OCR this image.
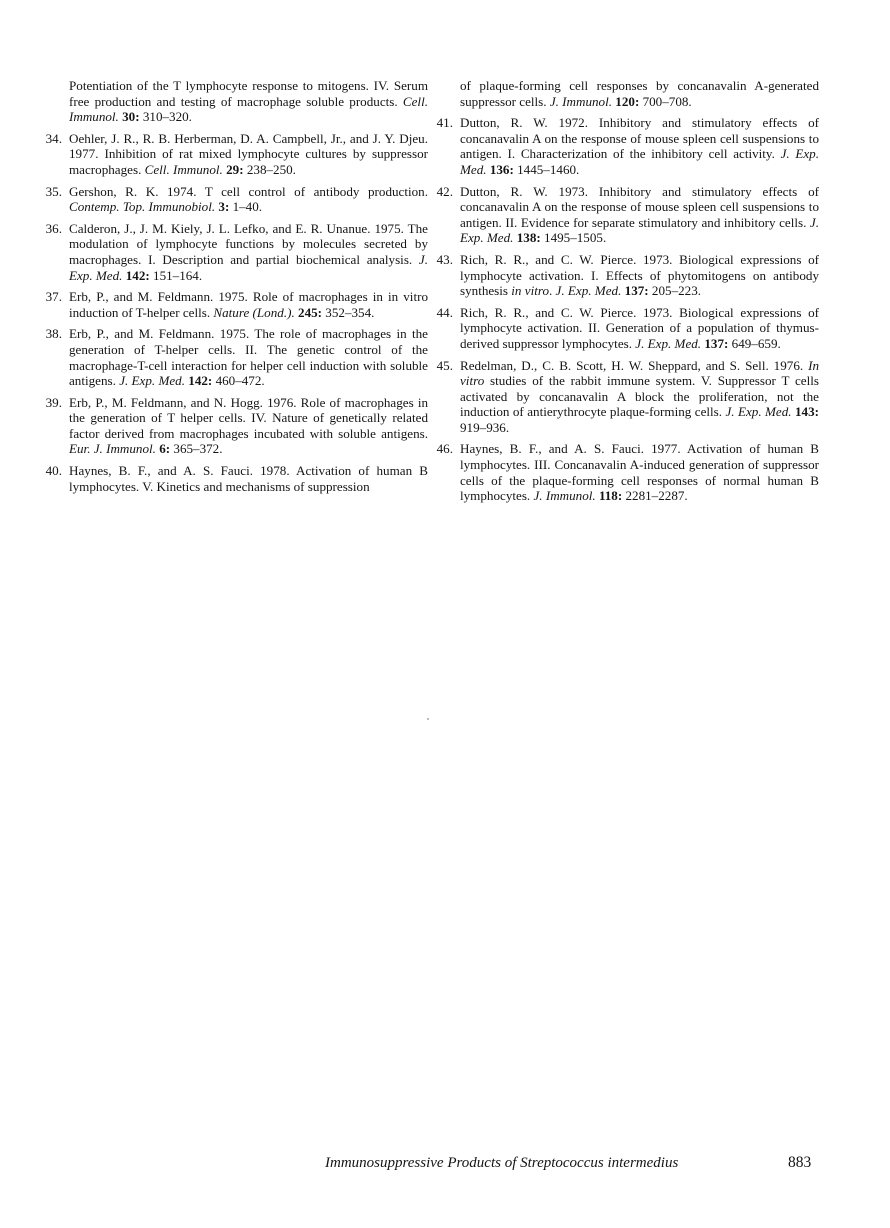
Potentiation of the T lymphocyte response to mitogens. IV. Serum free production and testing of macrophage soluble products. Cell. Immunol. 30: 310–320.
34. Oehler, J. R., R. B. Herberman, D. A. Campbell, Jr., and J. Y. Djeu. 1977. Inhibition of rat mixed lymphocyte cultures by suppressor macrophages. Cell. Immunol. 29: 238–250.
35. Gershon, R. K. 1974. T cell control of antibody production. Contemp. Top. Immunobiol. 3: 1–40.
36. Calderon, J., J. M. Kiely, J. L. Lefko, and E. R. Unanue. 1975. The modulation of lymphocyte functions by molecules secreted by macrophages. I. Description and partial biochemical analysis. J. Exp. Med. 142: 151–164.
37. Erb, P., and M. Feldmann. 1975. Role of macrophages in in vitro induction of T-helper cells. Nature (Lond.). 245: 352–354.
38. Erb, P., and M. Feldmann. 1975. The role of macrophages in the generation of T-helper cells. II. The genetic control of the macrophage-T-cell interaction for helper cell induction with soluble antigens. J. Exp. Med. 142: 460–472.
39. Erb, P., M. Feldmann, and N. Hogg. 1976. Role of macrophages in the generation of T helper cells. IV. Nature of genetically related factor derived from macrophages incubated with soluble antigens. Eur. J. Immunol. 6: 365–372.
40. Haynes, B. F., and A. S. Fauci. 1978. Activation of human B lymphocytes. V. Kinetics and mechanisms of suppression
of plaque-forming cell responses by concanavalin A-generated suppressor cells. J. Immunol. 120: 700–708.
41. Dutton, R. W. 1972. Inhibitory and stimulatory effects of concanavalin A on the response of mouse spleen cell suspensions to antigen. I. Characterization of the inhibitory cell activity. J. Exp. Med. 136: 1445–1460.
42. Dutton, R. W. 1973. Inhibitory and stimulatory effects of concanavalin A on the response of mouse spleen cell suspensions to antigen. II. Evidence for separate stimulatory and inhibitory cells. J. Exp. Med. 138: 1495–1505.
43. Rich, R. R., and C. W. Pierce. 1973. Biological expressions of lymphocyte activation. I. Effects of phytomitogens on antibody synthesis in vitro. J. Exp. Med. 137: 205–223.
44. Rich, R. R., and C. W. Pierce. 1973. Biological expressions of lymphocyte activation. II. Generation of a population of thymus-derived suppressor lymphocytes. J. Exp. Med. 137: 649–659.
45. Redelman, D., C. B. Scott, H. W. Sheppard, and S. Sell. 1976. In vitro studies of the rabbit immune system. V. Suppressor T cells activated by concanavalin A block the proliferation, not the induction of antierythrocyte plaque-forming cells. J. Exp. Med. 143: 919–936.
46. Haynes, B. F., and A. S. Fauci. 1977. Activation of human B lymphocytes. III. Concanavalin A-induced generation of suppressor cells of the plaque-forming cell responses of normal human B lymphocytes. J. Immunol. 118: 2281–2287.
Immunosuppressive Products of Streptococcus intermedius	883
